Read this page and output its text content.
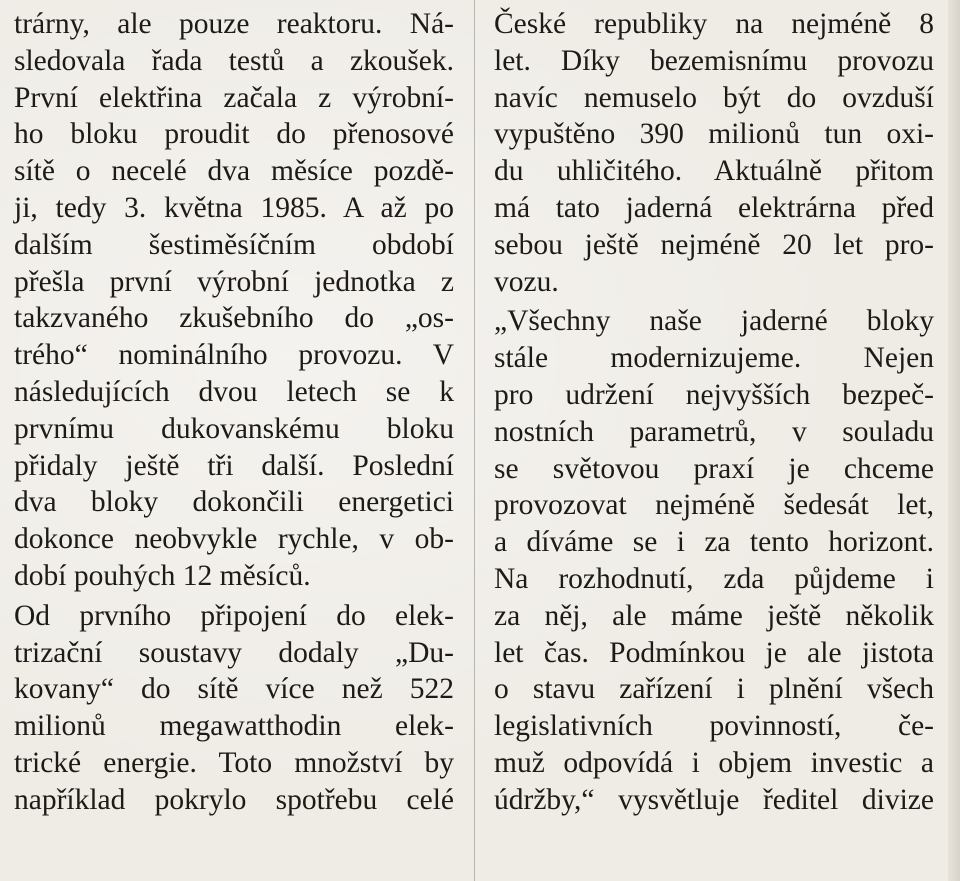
trárny, ale pouze reaktoru. Ná-
sledovala řada testů a zkoušek.
První elektřina začala z výrobní-
ho bloku proudit do přenosové
sítě o necelé dva měsíce pozdě-
ji, tedy 3. května 1985. A až po
dalším šestiměsíčním období
přešla první výrobní jednotka z
takzvaného zkušebního do „os-
trého“ nominálního provozu. V
následujících dvou letech se k
prvnímu dukovanskému bloku
přidaly ještě tři další. Poslední
dva bloky dokončili energetici
dokonce neobvykle rychle, v ob-
dobí pouhých 12 měsíců.
Od prvního připojení do elek-
trizační soustavy dodaly „Du-
kovany“ do sítě více než 522
milionů megawatthodin elek-
trické energie. Toto množství by
například pokrylo spotřebu celé
České republiky na nejméně 8
let. Díky bezemisnímu provozu
navíc nemuselo být do ovzduší
vypuštěno 390 milionů tun oxi-
du uhličitého. Aktuálně přitom
má tato jaderná elektrárna před
sebou ještě nejméně 20 let pro-
vozu.
„Všechny naše jaderné bloky
stále modernizujeme. Nejen
pro udržení nejvyšších bezpeč-
nostních parametrů, v souladu
se světovou praxí je chceme
provozovat nejméně šedesát let,
a díváme se i za tento horizont.
Na rozhodnutí, zda půjdeme i
za něj, ale máme ještě několik
let čas. Podmínkou je ale jistota
o stavu zařízení i plnění všech
legislativních povinností, če-
muž odpovídá i objem investic a
údržby,“ vysvětluje ředitel divize
